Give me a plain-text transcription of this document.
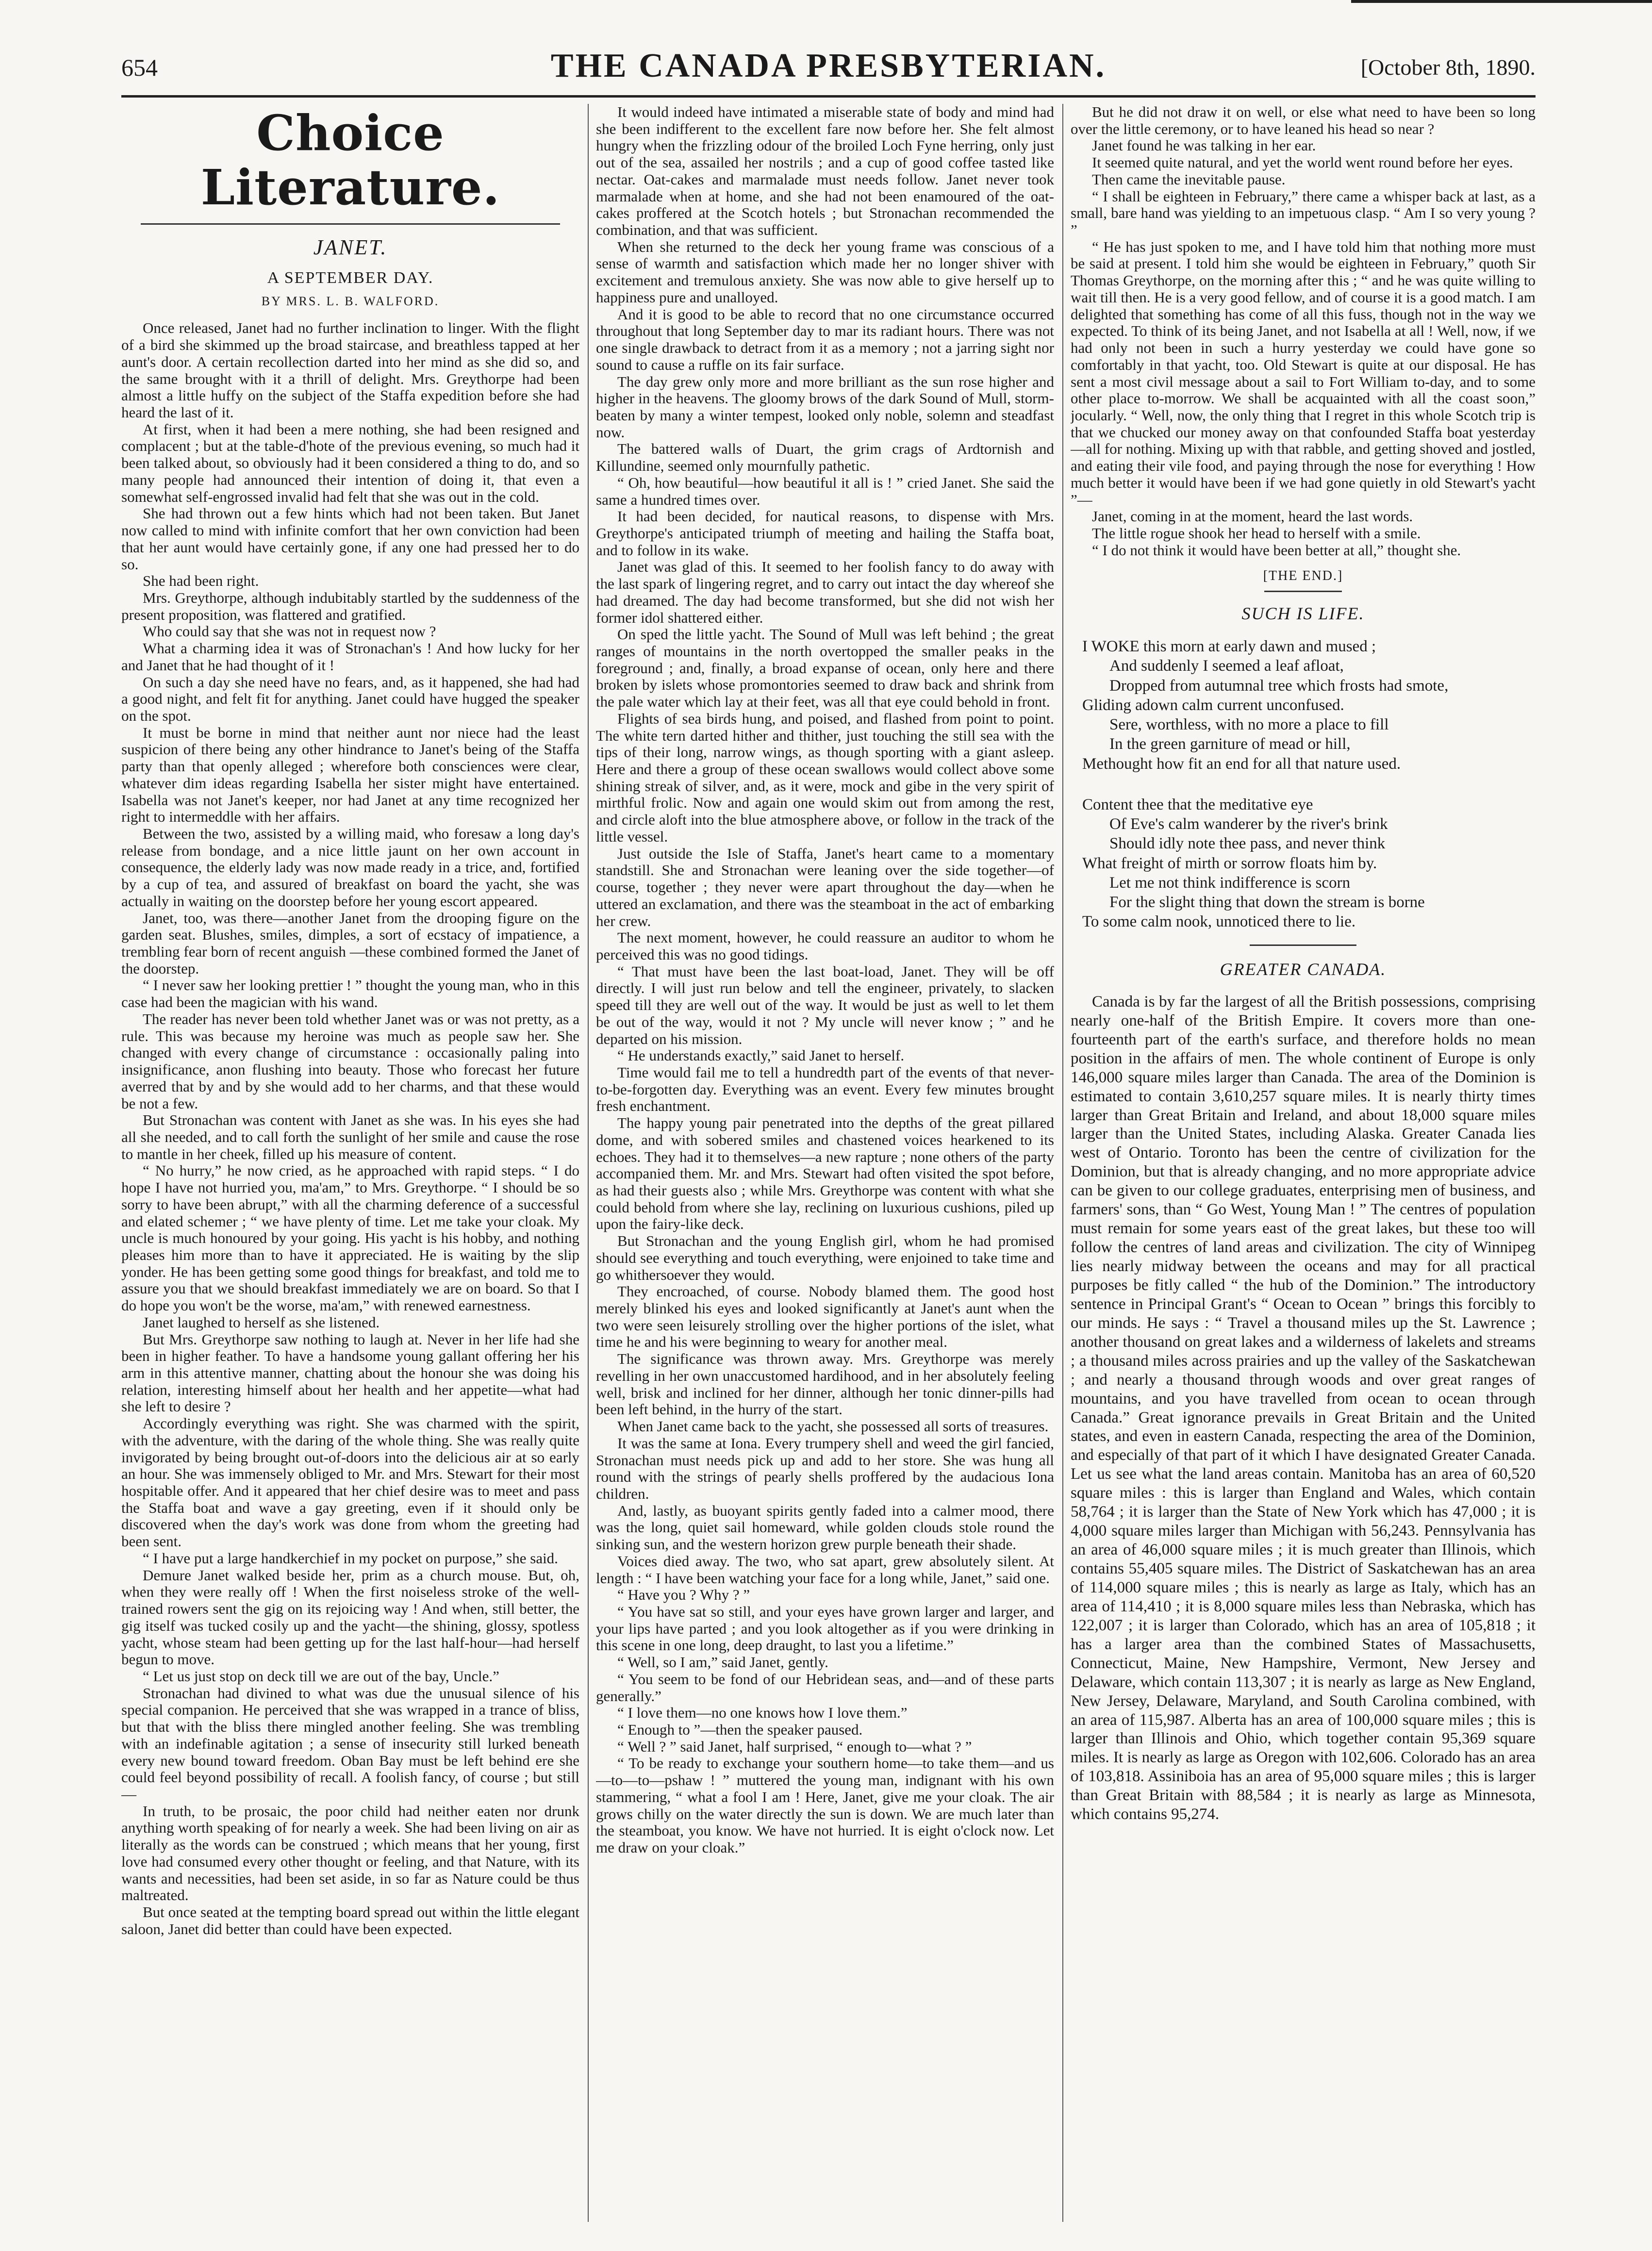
654	THE CANADA PRESBYTERIAN.	[October 8th, 1890.
Choice Literature.
JANET.
A SEPTEMBER DAY.
BY MRS. L. B. WALFORD.

Once released, Janet had no further inclination to linger. With the flight of a bird she skimmed up the broad staircase, and breathless tapped at her aunt's door. A certain recollection darted into her mind as she did so, and the same brought with it a thrill of delight. Mrs. Greythorpe had been almost a little huffy on the subject of the Staffa expedition before she had heard the last of it.

At first, when it had been a mere nothing, she had been resigned and complacent ; but at the table-d'hote of the previous evening, so much had it been talked about, so obviously had it been considered a thing to do, and so many people had announced their intention of doing it, that even a somewhat self-engrossed invalid had felt that she was out in the cold.

She had thrown out a few hints which had not been taken. But Janet now called to mind with infinite comfort that her own conviction had been that her aunt would have certainly gone, if any one had pressed her to do so.

She had been right.

Mrs. Greythorpe, although indubitably startled by the suddenness of the present proposition, was flattered and gratified.

Who could say that she was not in request now ?

What a charming idea it was of Stronachan's ! And how lucky for her and Janet that he had thought of it !

On such a day she need have no fears, and, as it happened, she had had a good night, and felt fit for anything. Janet could have hugged the speaker on the spot.

It must be borne in mind that neither aunt nor niece had the least suspicion of there being any other hindrance to Janet's being of the Staffa party than that openly alleged ; wherefore both consciences were clear, whatever dim ideas regarding Isabella her sister might have entertained. Isabella was not Janet's keeper, nor had Janet at any time recognized her right to intermeddle with her affairs.

Between the two, assisted by a willing maid, who foresaw a long day's release from bondage, and a nice little jaunt on her own account in consequence, the elderly lady was now made ready in a trice, and, fortified by a cup of tea, and assured of breakfast on board the yacht, she was actually in waiting on the doorstep before her young escort appeared.

Janet, too, was there—another Janet from the drooping figure on the garden seat. Blushes, smiles, dimples, a sort of ecstacy of impatience, a trembling fear born of recent anguish —these combined formed the Janet of the doorstep.

“ I never saw her looking prettier ! ” thought the young man, who in this case had been the magician with his wand.

The reader has never been told whether Janet was or was not pretty, as a rule. This was because my heroine was much as people saw her. She changed with every change of circumstance : occasionally paling into insignificance, anon flushing into beauty. Those who forecast her future averred that by and by she would add to her charms, and that these would be not a few.

But Stronachan was content with Janet as she was. In his eyes she had all she needed, and to call forth the sunlight of her smile and cause the rose to mantle in her cheek, filled up his measure of content.

“ No hurry,” he now cried, as he approached with rapid steps. “ I do hope I have not hurried you, ma'am,” to Mrs. Greythorpe. “ I should be so sorry to have been abrupt,” with all the charming deference of a successful and elated schemer ; “ we have plenty of time. Let me take your cloak. My uncle is much honoured by your going. His yacht is his hobby, and nothing pleases him more than to have it appreciated. He is waiting by the slip yonder. He has been getting some good things for breakfast, and told me to assure you that we should breakfast immediately we are on board. So that I do hope you won't be the worse, ma'am,” with renewed earnestness.

Janet laughed to herself as she listened.

But Mrs. Greythorpe saw nothing to laugh at. Never in her life had she been in higher feather. To have a handsome young gallant offering her his arm in this attentive manner, chatting about the honour she was doing his relation, interesting himself about her health and her appetite—what had she left to desire ?

Accordingly everything was right. She was charmed with the spirit, with the adventure, with the daring of the whole thing. She was really quite invigorated by being brought out-of-doors into the delicious air at so early an hour. She was immensely obliged to Mr. and Mrs. Stewart for their most hospitable offer. And it appeared that her chief desire was to meet and pass the Staffa boat and wave a gay greeting, even if it should only be discovered when the day's work was done from whom the greeting had been sent.

“ I have put a large handkerchief in my pocket on purpose,” she said.

Demure Janet walked beside her, prim as a church mouse. But, oh, when they were really off ! When the first noiseless stroke of the well-trained rowers sent the gig on its rejoicing way ! And when, still better, the gig itself was tucked cosily up and the yacht—the shining, glossy, spotless yacht, whose steam had been getting up for the last half-hour—had herself begun to move.

“ Let us just stop on deck till we are out of the bay, Uncle.”

Stronachan had divined to what was due the unusual silence of his special companion. He perceived that she was wrapped in a trance of bliss, but that with the bliss there mingled another feeling. She was trembling with an indefinable agitation ; a sense of insecurity still lurked beneath every new bound toward freedom. Oban Bay must be left behind ere she could feel beyond possibility of recall. A foolish fancy, of course ; but still—

In truth, to be prosaic, the poor child had neither eaten nor drunk anything worth speaking of for nearly a week. She had been living on air as literally as the words can be construed ; which means that her young, first love had consumed every other thought or feeling, and that Nature, with its wants and necessities, had been set aside, in so far as Nature could be thus maltreated.

But once seated at the tempting board spread out within the little elegant saloon, Janet did better than could have been expected.

It would indeed have intimated a miserable state of body and mind had she been indifferent to the excellent fare now before her. She felt almost hungry when the frizzling odour of the broiled Loch Fyne herring, only just out of the sea, assailed her nostrils ; and a cup of good coffee tasted like nectar. Oat-cakes and marmalade must needs follow. Janet never took marmalade when at home, and she had not been enamoured of the oat-cakes proffered at the Scotch hotels ; but Stronachan recommended the combination, and that was sufficient.

When she returned to the deck her young frame was conscious of a sense of warmth and satisfaction which made her no longer shiver with excitement and tremulous anxiety. She was now able to give herself up to happiness pure and unalloyed.

And it is good to be able to record that no one circumstance occurred throughout that long September day to mar its radiant hours. There was not one single drawback to detract from it as a memory ; not a jarring sight nor sound to cause a ruffle on its fair surface.

The day grew only more and more brilliant as the sun rose higher and higher in the heavens. The gloomy brows of the dark Sound of Mull, storm-beaten by many a winter tempest, looked only noble, solemn and steadfast now.

The battered walls of Duart, the grim crags of Ardtornish and Killundine, seemed only mournfully pathetic.

“ Oh, how beautiful—how beautiful it all is ! ” cried Janet. She said the same a hundred times over.

It had been decided, for nautical reasons, to dispense with Mrs. Greythorpe's anticipated triumph of meeting and hailing the Staffa boat, and to follow in its wake.

Janet was glad of this. It seemed to her foolish fancy to do away with the last spark of lingering regret, and to carry out intact the day whereof she had dreamed. The day had become transformed, but she did not wish her former idol shattered either.

On sped the little yacht. The Sound of Mull was left behind ; the great ranges of mountains in the north overtopped the smaller peaks in the foreground ; and, finally, a broad expanse of ocean, only here and there broken by islets whose promontories seemed to draw back and shrink from the pale water which lay at their feet, was all that eye could behold in front.

Flights of sea birds hung, and poised, and flashed from point to point. The white tern darted hither and thither, just touching the still sea with the tips of their long, narrow wings, as though sporting with a giant asleep. Here and there a group of these ocean swallows would collect above some shining streak of silver, and, as it were, mock and gibe in the very spirit of mirthful frolic. Now and again one would skim out from among the rest, and circle aloft into the blue atmosphere above, or follow in the track of the little vessel.

Just outside the Isle of Staffa, Janet's heart came to a momentary standstill. She and Stronachan were leaning over the side together—of course, together ; they never were apart throughout the day—when he uttered an exclamation, and there was the steamboat in the act of embarking her crew.

The next moment, however, he could reassure an auditor to whom he perceived this was no good tidings.

“ That must have been the last boat-load, Janet. They will be off directly. I will just run below and tell the engineer, privately, to slacken speed till they are well out of the way. It would be just as well to let them be out of the way, would it not ? My uncle will never know ; ” and he departed on his mission.

“ He understands exactly,” said Janet to herself.

Time would fail me to tell a hundredth part of the events of that never-to-be-forgotten day. Everything was an event. Every few minutes brought fresh enchantment.

The happy young pair penetrated into the depths of the great pillared dome, and with sobered smiles and chastened voices hearkened to its echoes. They had it to themselves—a new rapture ; none others of the party accompanied them. Mr. and Mrs. Stewart had often visited the spot before, as had their guests also ; while Mrs. Greythorpe was content with what she could behold from where she lay, reclining on luxurious cushions, piled up upon the fairy-like deck.

But Stronachan and the young English girl, whom he had promised should see everything and touch everything, were enjoined to take time and go whithersoever they would.

They encroached, of course. Nobody blamed them. The good host merely blinked his eyes and looked significantly at Janet's aunt when the two were seen leisurely strolling over the higher portions of the islet, what time he and his were beginning to weary for another meal.

The significance was thrown away. Mrs. Greythorpe was merely revelling in her own unaccustomed hardihood, and in her absolutely feeling well, brisk and inclined for her dinner, although her tonic dinner-pills had been left behind, in the hurry of the start.

When Janet came back to the yacht, she possessed all sorts of treasures.

It was the same at Iona. Every trumpery shell and weed the girl fancied, Stronachan must needs pick up and add to her store. She was hung all round with the strings of pearly shells proffered by the audacious Iona children.

And, lastly, as buoyant spirits gently faded into a calmer mood, there was the long, quiet sail homeward, while golden clouds stole round the sinking sun, and the western horizon grew purple beneath their shade.

Voices died away. The two, who sat apart, grew absolutely silent. At length : “ I have been watching your face for a long while, Janet,” said one.

“ Have you ? Why ? ”

“ You have sat so still, and your eyes have grown larger and larger, and your lips have parted ; and you look altogether as if you were drinking in this scene in one long, deep draught, to last you a lifetime.”

“ Well, so I am,” said Janet, gently.

“ You seem to be fond of our Hebridean seas, and—and of these parts generally.”

“ I love them—no one knows how I love them.”

“ Enough to ”—then the speaker paused.

“ Well ? ” said Janet, half surprised, “ enough to—what ? ”

“ To be ready to exchange your southern home—to take them—and us—to—to—pshaw ! ” muttered the young man, indignant with his own stammering, “ what a fool I am ! Here, Janet, give me your cloak. The air grows chilly on the water directly the sun is down. We are much later than the steamboat, you know. We have not hurried. It is eight o'clock now. Let me draw on your cloak.”

But he did not draw it on well, or else what need to have been so long over the little ceremony, or to have leaned his head so near ?

Janet found he was talking in her ear.

It seemed quite natural, and yet the world went round before her eyes.

Then came the inevitable pause.

“ I shall be eighteen in February,” there came a whisper back at last, as a small, bare hand was yielding to an impetuous clasp. “ Am I so very young ? ”

“ He has just spoken to me, and I have told him that nothing more must be said at present. I told him she would be eighteen in February,” quoth Sir Thomas Greythorpe, on the morning after this ; “ and he was quite willing to wait till then. He is a very good fellow, and of course it is a good match. I am delighted that something has come of all this fuss, though not in the way we expected. To think of its being Janet, and not Isabella at all ! Well, now, if we had only not been in such a hurry yesterday we could have gone so comfortably in that yacht, too. Old Stewart is quite at our disposal. He has sent a most civil message about a sail to Fort William to-day, and to some other place to-morrow. We shall be acquainted with all the coast soon,” jocularly. “ Well, now, the only thing that I regret in this whole Scotch trip is that we chucked our money away on that confounded Staffa boat yesterday—all for nothing. Mixing up with that rabble, and getting shoved and jostled, and eating their vile food, and paying through the nose for everything ! How much better it would have been if we had gone quietly in old Stewart's yacht ”—

Janet, coming in at the moment, heard the last words.

The little rogue shook her head to herself with a smile.

“ I do not think it would have been better at all,” thought she.

[THE END.]
SUCH IS LIFE.
I WOKE this morn at early dawn and mused ;
And suddenly I seemed a leaf afloat,
Dropped from autumnal tree which frosts had smote,
Gliding adown calm current unconfused.
Sere, worthless, with no more a place to fill
In the green garniture of mead or hill,
Methought how fit an end for all that nature used.
Content thee that the meditative eye
Of Eve's calm wanderer by the river's brink
Should idly note thee pass, and never think
What freight of mirth or sorrow floats him by.
Let me not think indifference is scorn
For the slight thing that down the stream is borne
To some calm nook, unnoticed there to lie.
GREATER CANADA.

Canada is by far the largest of all the British possessions, comprising nearly one-half of the British Empire. It covers more than one-fourteenth part of the earth's surface, and therefore holds no mean position in the affairs of men. The whole continent of Europe is only 146,000 square miles larger than Canada. The area of the Dominion is estimated to contain 3,610,257 square miles. It is nearly thirty times larger than Great Britain and Ireland, and about 18,000 square miles larger than the United States, including Alaska. Greater Canada lies west of Ontario. Toronto has been the centre of civilization for the Dominion, but that is already changing, and no more appropriate advice can be given to our college graduates, enterprising men of business, and farmers' sons, than “ Go West, Young Man ! ” The centres of population must remain for some years east of the great lakes, but these too will follow the centres of land areas and civilization. The city of Winnipeg lies nearly midway between the oceans and may for all practical purposes be fitly called “ the hub of the Dominion.” The introductory sentence in Principal Grant's “ Ocean to Ocean ” brings this forcibly to our minds. He says : “ Travel a thousand miles up the St. Lawrence ; another thousand on great lakes and a wilderness of lakelets and streams ; a thousand miles across prairies and up the valley of the Saskatchewan ; and nearly a thousand through woods and over great ranges of mountains, and you have travelled from ocean to ocean through Canada.” Great ignorance prevails in Great Britain and the United states, and even in eastern Canada, respecting the area of the Dominion, and especially of that part of it which I have designated Greater Canada. Let us see what the land areas contain. Manitoba has an area of 60,520 square miles : this is larger than England and Wales, which contain 58,764 ; it is larger than the State of New York which has 47,000 ; it is 4,000 square miles larger than Michigan with 56,243. Pennsylvania has an area of 46,000 square miles ; it is much greater than Illinois, which contains 55,405 square miles. The District of Saskatchewan has an area of 114,000 square miles ; this is nearly as large as Italy, which has an area of 114,410 ; it is 8,000 square miles less than Nebraska, which has 122,007 ; it is larger than Colorado, which has an area of 105,818 ; it has a larger area than the combined States of Massachusetts, Connecticut, Maine, New Hampshire, Vermont, New Jersey and Delaware, which contain 113,307 ; it is nearly as large as New England, New Jersey, Delaware, Maryland, and South Carolina combined, with an area of 115,987. Alberta has an area of 100,000 square miles ; this is larger than Illinois and Ohio, which together contain 95,369 square miles. It is nearly as large as Oregon with 102,606. Colorado has an area of 103,818. Assiniboia has an area of 95,000 square miles ; this is larger than Great Britain with 88,584 ; it is nearly as large as Minnesota, which contains 95,274.
